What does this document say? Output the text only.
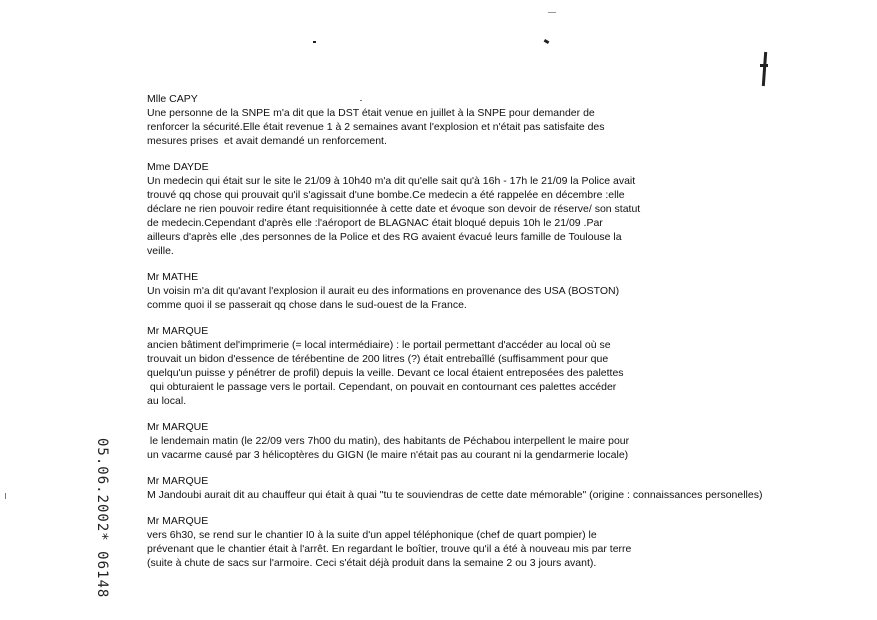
Mlle CAPY

Une personne de la SNPE m'a dit que la DST était venue en juillet à la SNPE pour demander de

renforcer la sécurité.Elle était revenue 1 à 2 semaines avant l'explosion et n'était pas satisfaite des

mesures prises  et avait demandé un renforcement.

Mme DAYDE

Un medecin qui était sur le site le 21/09 à 10h40 m'a dit qu'elle sait qu'à 16h - 17h le 21/09 la Police avait

trouvé qq chose qui prouvait qu'il s'agissait d'une bombe.Ce medecin a été rappelée en décembre :elle

déclare ne rien pouvoir redire étant requisitionnée à cette date et évoque son devoir de réserve/ son statut

de medecin.Cependant d'après elle :l'aéroport de BLAGNAC était bloqué depuis 10h le 21/09 .Par

ailleurs d'après elle ,des personnes de la Police et des RG avaient évacué leurs famille de Toulouse la

veille.

Mr MATHE

Un voisin m'a dit qu'avant l'explosion il aurait eu des informations en provenance des USA (BOSTON)

comme quoi il se passerait qq chose dans le sud-ouest de la France.

Mr MARQUE

ancien bâtiment del'imprimerie (= local intermédiaire) : le portail permettant d'accéder au local où se

trouvait un bidon d'essence de térébentine de 200 litres (?) était entrebaîllé (suffisamment pour que

quelqu'un puisse y pénétrer de profil) depuis la veille. Devant ce local étaient entreposées des palettes

qui obturaient le passage vers le portail. Cependant, on pouvait en contournant ces palettes accéder

au local.

Mr MARQUE

le lendemain matin (le 22/09 vers 7h00 du matin), des habitants de Péchabou interpellent le maire pour

un vacarme causé par 3 hélicoptères du GIGN (le maire n'était pas au courant ni la gendarmerie locale)

Mr MARQUE

M Jandoubi aurait dit au chauffeur qui était à quai "tu te souviendras de cette date mémorable" (origine : connaissances personelles)

Mr MARQUE

vers 6h30, se rend sur le chantier I0 à la suite d'un appel téléphonique (chef de quart pompier) le

prévenant que le chantier était à l'arrêt. En regardant le boîtier, trouve qu'il a été à nouveau mis par terre

(suite à chute de sacs sur l'armoire. Ceci s'était déjà produit dans la semaine 2 ou 3 jours avant).

05.06.2002* 06148
